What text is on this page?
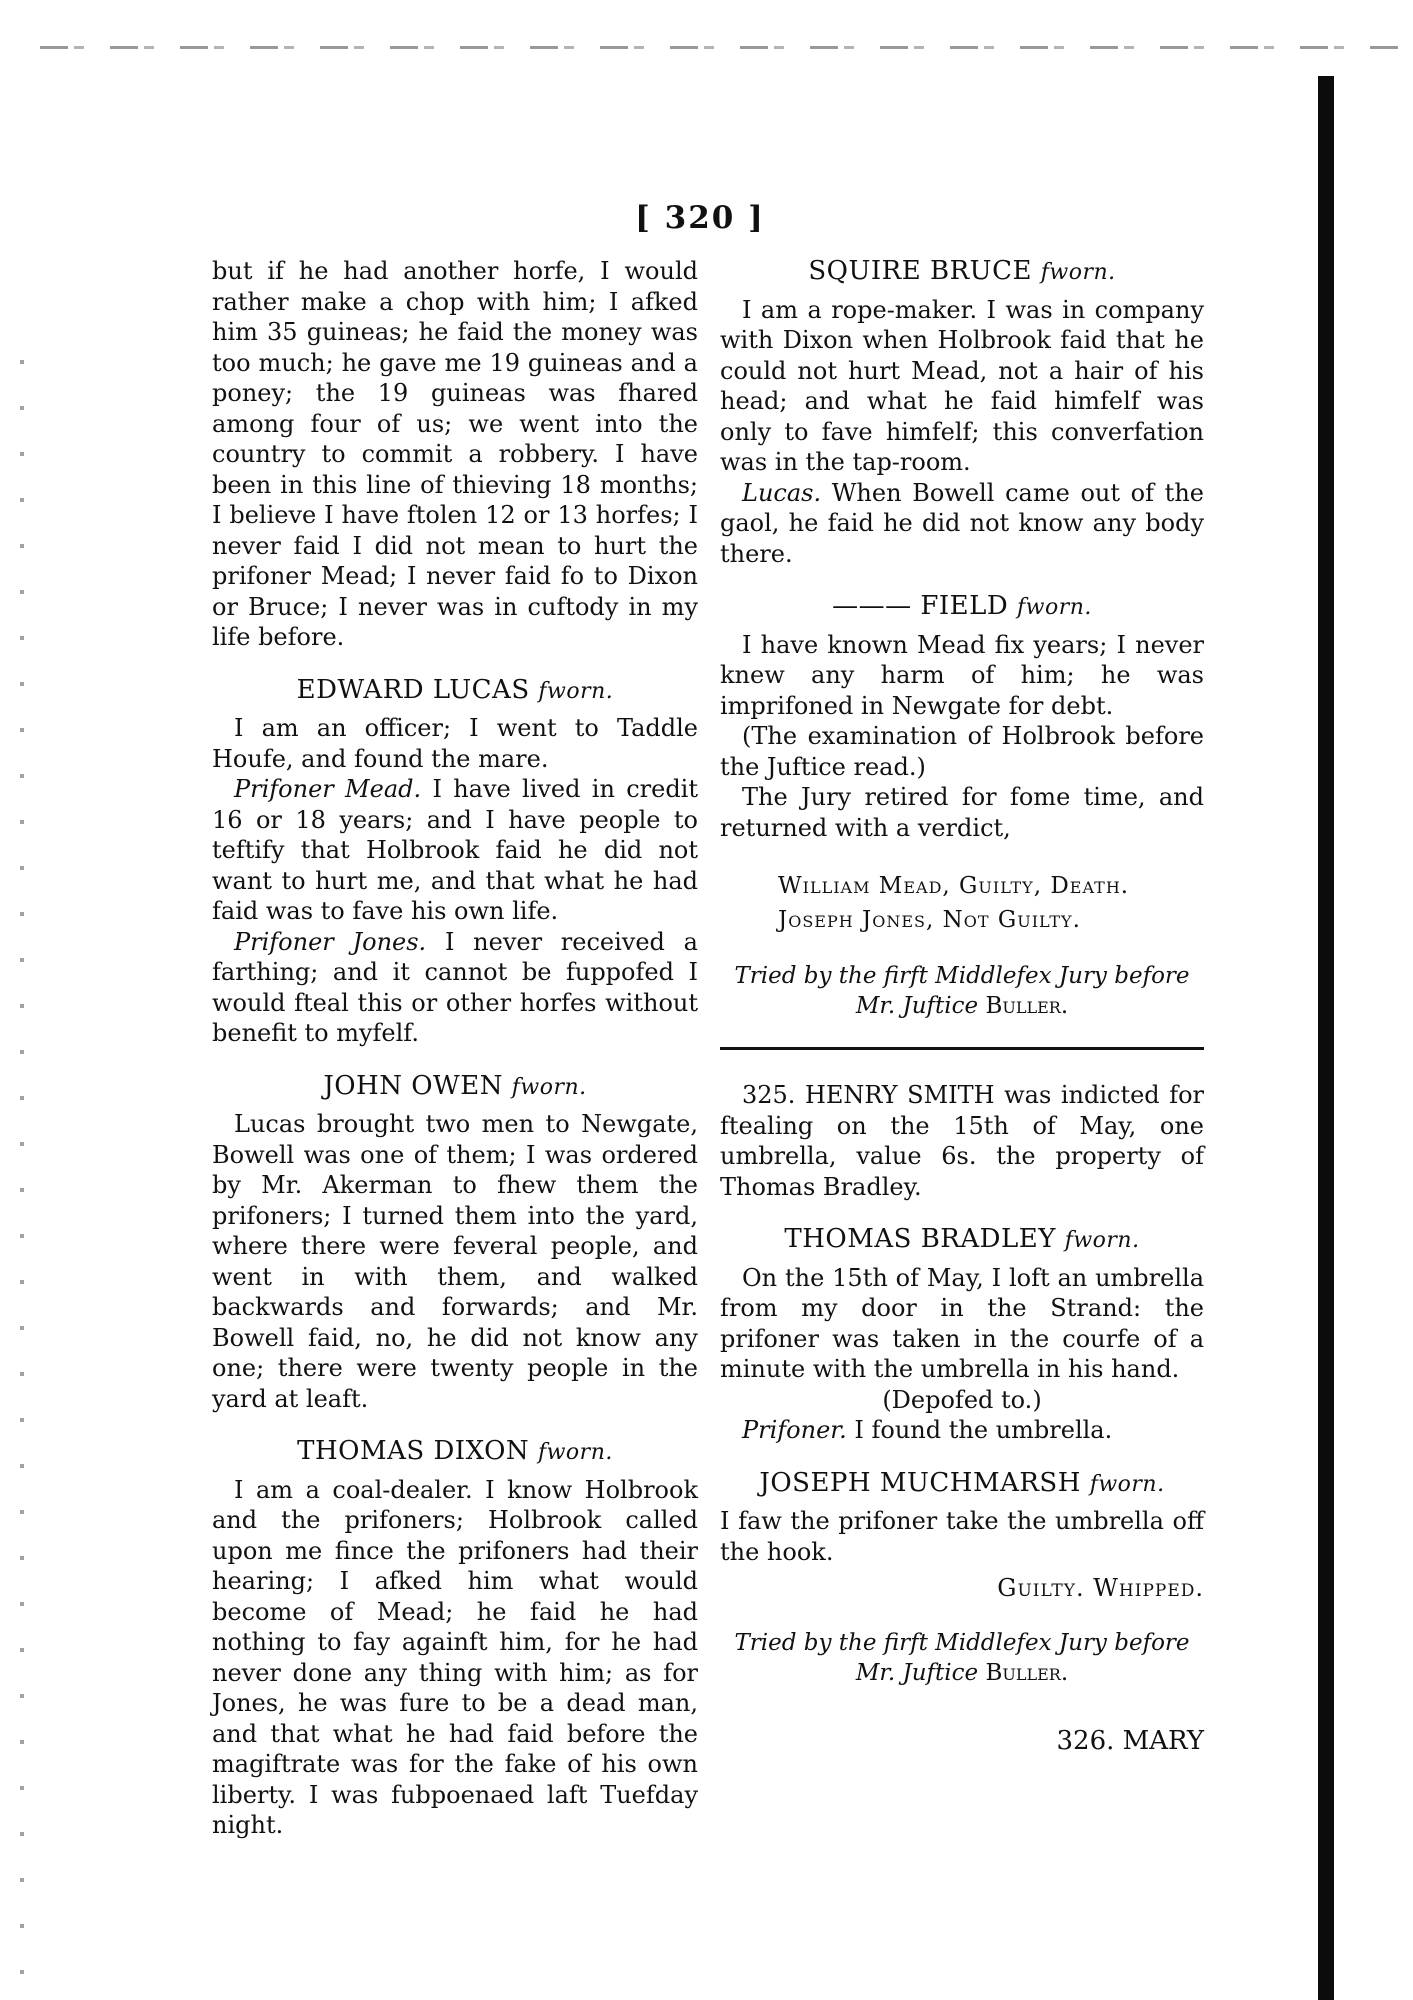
[ 320 ]

but if he had another horfe, I would rather make a chop with him; I afked him 35 guineas; he faid the money was too much; he gave me 19 guineas and a poney; the 19 guineas was fhared among four of us; we went into the country to commit a robbery. I have been in this line of thieving 18 months; I believe I have ftolen 12 or 13 horfes; I never faid I did not mean to hurt the prifoner Mead; I never faid fo to Dixon or Bruce; I never was in cuftody in my life before.

EDWARD LUCAS fworn.

I am an officer; I went to Taddle Houfe, and found the mare.

Prifoner Mead. I have lived in credit 16 or 18 years; and I have people to teftify that Holbrook faid he did not want to hurt me, and that what he had faid was to fave his own life.

Prifoner Jones. I never received a farthing; and it cannot be fuppofed I would fteal this or other horfes without benefit to myfelf.

JOHN OWEN fworn.

Lucas brought two men to Newgate, Bowell was one of them; I was ordered by Mr. Akerman to fhew them the prifoners; I turned them into the yard, where there were feveral people, and went in with them, and walked backwards and forwards; and Mr. Bowell faid, no, he did not know any one; there were twenty people in the yard at leaft.

THOMAS DIXON fworn.

I am a coal-dealer. I know Holbrook and the prifoners; Holbrook called upon me fince the prifoners had their hearing; I afked him what would become of Mead; he faid he had nothing to fay againft him, for he had never done any thing with him; as for Jones, he was fure to be a dead man, and that what he had faid before the magiftrate was for the fake of his own liberty. I was fubpoenaed laft Tuefday night.

SQUIRE BRUCE fworn.

I am a rope-maker. I was in company with Dixon when Holbrook faid that he could not hurt Mead, not a hair of his head; and what he faid himfelf was only to fave himfelf; this converfation was in the tap-room.

Lucas. When Bowell came out of the gaol, he faid he did not know any body there.

——— FIELD fworn.

I have known Mead fix years; I never knew any harm of him; he was imprifoned in Newgate for debt.

(The examination of Holbrook before the Juftice read.)

The Jury retired for fome time, and returned with a verdict,

William Mead, Guilty, Death.
Joseph Jones, Not Guilty.
Tried by the firft Middlefex Jury before
Mr. Juftice Buller.

325. HENRY SMITH was indicted for ftealing on the 15th of May, one umbrella, value 6s. the property of Thomas Bradley.

THOMAS BRADLEY fworn.

On the 15th of May, I loft an umbrella from my door in the Strand: the prifoner was taken in the courfe of a minute with the umbrella in his hand.

(Depofed to.)

Prifoner. I found the umbrella.

JOSEPH MUCHMARSH fworn.

I faw the prifoner take the umbrella off the hook.

Guilty. Whipped.
Tried by the firft Middlefex Jury before
Mr. Juftice Buller.
326. MARY
